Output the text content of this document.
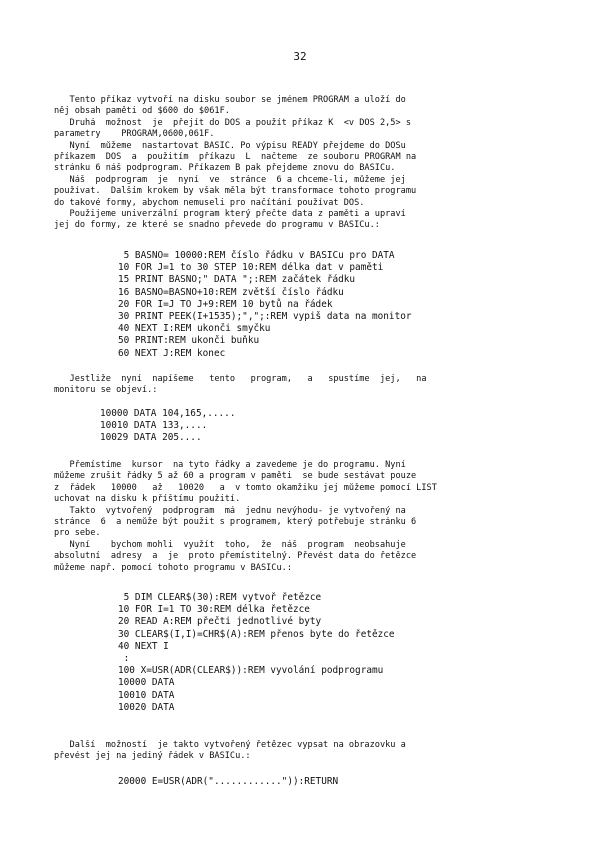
32
Tento příkaz vytvoří na disku soubor se jménem PROGRAM a uloží do
něj obsah paměti od $600 do $061F.
Druhá  možnost  je  přejít do DOS a použít příkaz K  <v DOS 2,5> s
parametry    PROGRAM,0600,061F.
Nyní  můžeme  nastartovat BASIC. Po výpisu READY přejdeme do DOSu
příkazem  DOS  a  použitím  příkazu  L  načteme  ze souboru PROGRAM na
stránku 6 náš podprogram. Příkazem B pak přejdeme znovu do BASICu.
Náš  podprogram  je  nyní  ve  stránce  6 a chceme-li, můžeme jej
používat.  Dalším krokem by však měla být transformace tohoto programu
do takové formy, abychom nemuseli pro načítání používat DOS.
Použijeme univerzální program který přečte data z paměti a upraví
jej do formy, ze které se snadno převede do programu v BASICu.:
5 BASNO= 10000:REM číslo řádku v BASICu pro DATA
10 FOR J=1 to 30 STEP 10:REM délka dat v paměti
15 PRINT BASNO;" DATA ";:REM začátek řádku
16 BASNO=BASNO+10:REM zvětší číslo řádku
20 FOR I=J TO J+9:REM 10 bytů na řádek
30 PRINT PEEK(I+1535);",";:REM vypiš data na monitor
40 NEXT I:REM ukonči smyčku
50 PRINT:REM ukonči buňku
60 NEXT J:REM konec
Jestliže  nyní  napíšeme   tento   program,   a   spustíme  jej,   na
monitoru se objeví.:
10000 DATA 104,165,.....
10010 DATA 133,....
10029 DATA 205....
Přemístíme  kursor  na tyto řádky a zavedeme je do programu. Nyní
můžeme zrušit řádky 5 až 60 a program v paměti  se bude sestávat pouze
z  řádek   10000   až   10020   a  v tomto okamžiku jej můžeme pomocí LIST
uchovat na disku k příštímu použití.
Takto  vytvořený  podprogram  má  jednu nevýhodu- je vytvořený na
stránce  6  a nemůže být použit s programem, který potřebuje stránku 6
pro sebe.
Nyní    bychom mohli  využít  toho,  že  náš  program  neobsahuje
absolutní  adresy  a  je  proto přemístitelný. Převést data do řetězce
můžeme např. pomocí tohoto programu v BASICu.:
5 DIM CLEAR$(30):REM vytvoř řetězce
10 FOR I=1 TO 30:REM délka řetězce
20 READ A:REM přečti jednotlivé byty
30 CLEAR$(I,I)=CHR$(A):REM přenos byte do řetězce
40 NEXT I
:
100 X=USR(ADR(CLEAR$)):REM vyvolání podprogramu
10000 DATA
10010 DATA
10020 DATA
Další  možností  je takto vytvořený řetězec vypsat na obrazovku a
převést jej na jediný řádek v BASICu.:
20000 E=USR(ADR("............")):RETURN
